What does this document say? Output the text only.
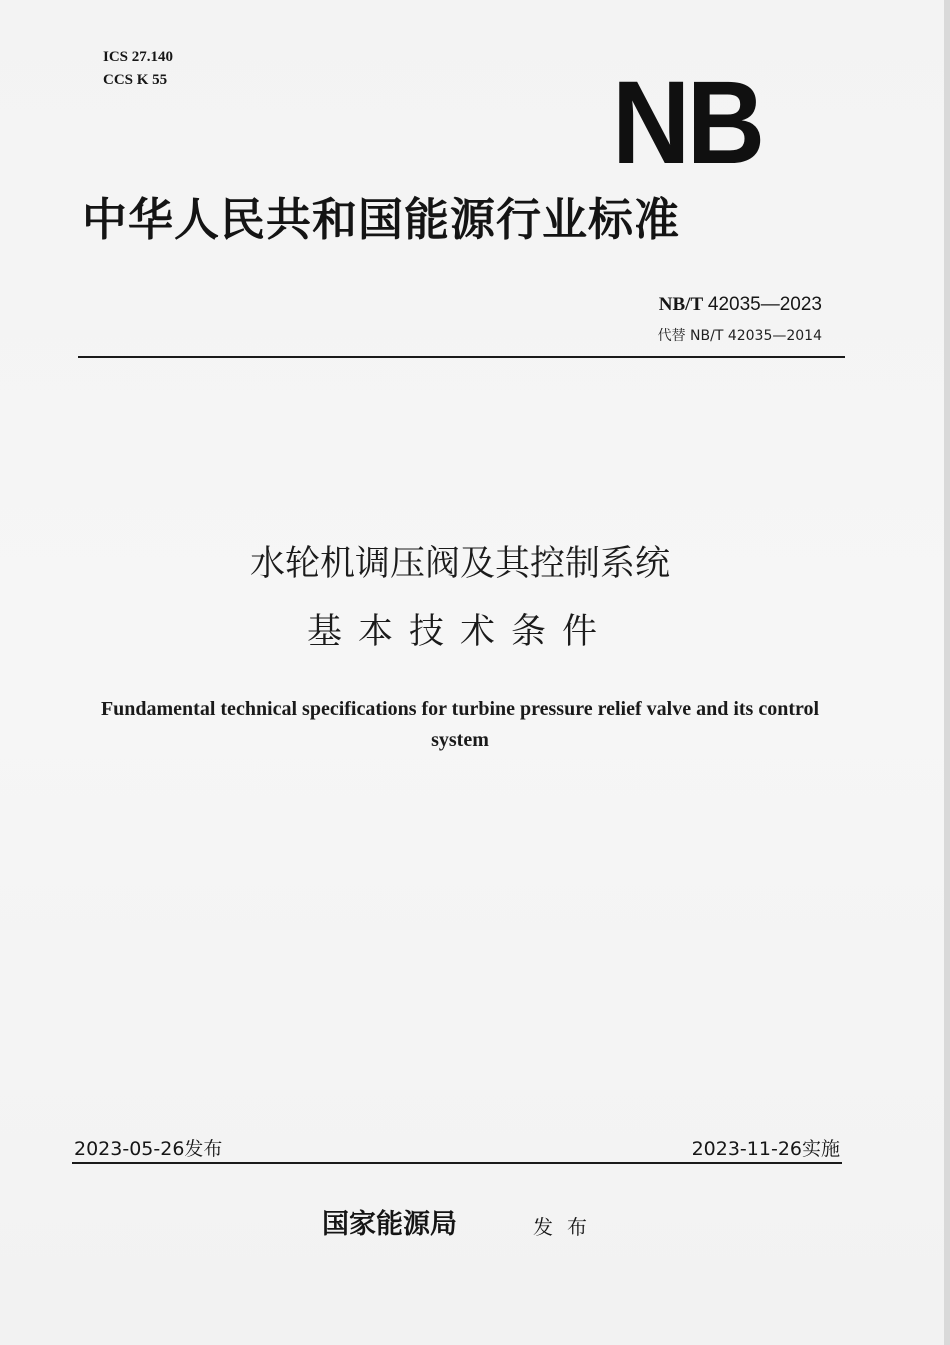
ICS 27.140
CCS K 55	NB
中华人民共和国能源行业标准
NB/T 42035—2023
代替 NB/T 42035—2014
水轮机调压阀及其控制系统
基本技术条件
Fundamental technical specifications for turbine pressure relief valve and its control system
2023-05-26发布	2023-11-26实施
国家能源局	发布
